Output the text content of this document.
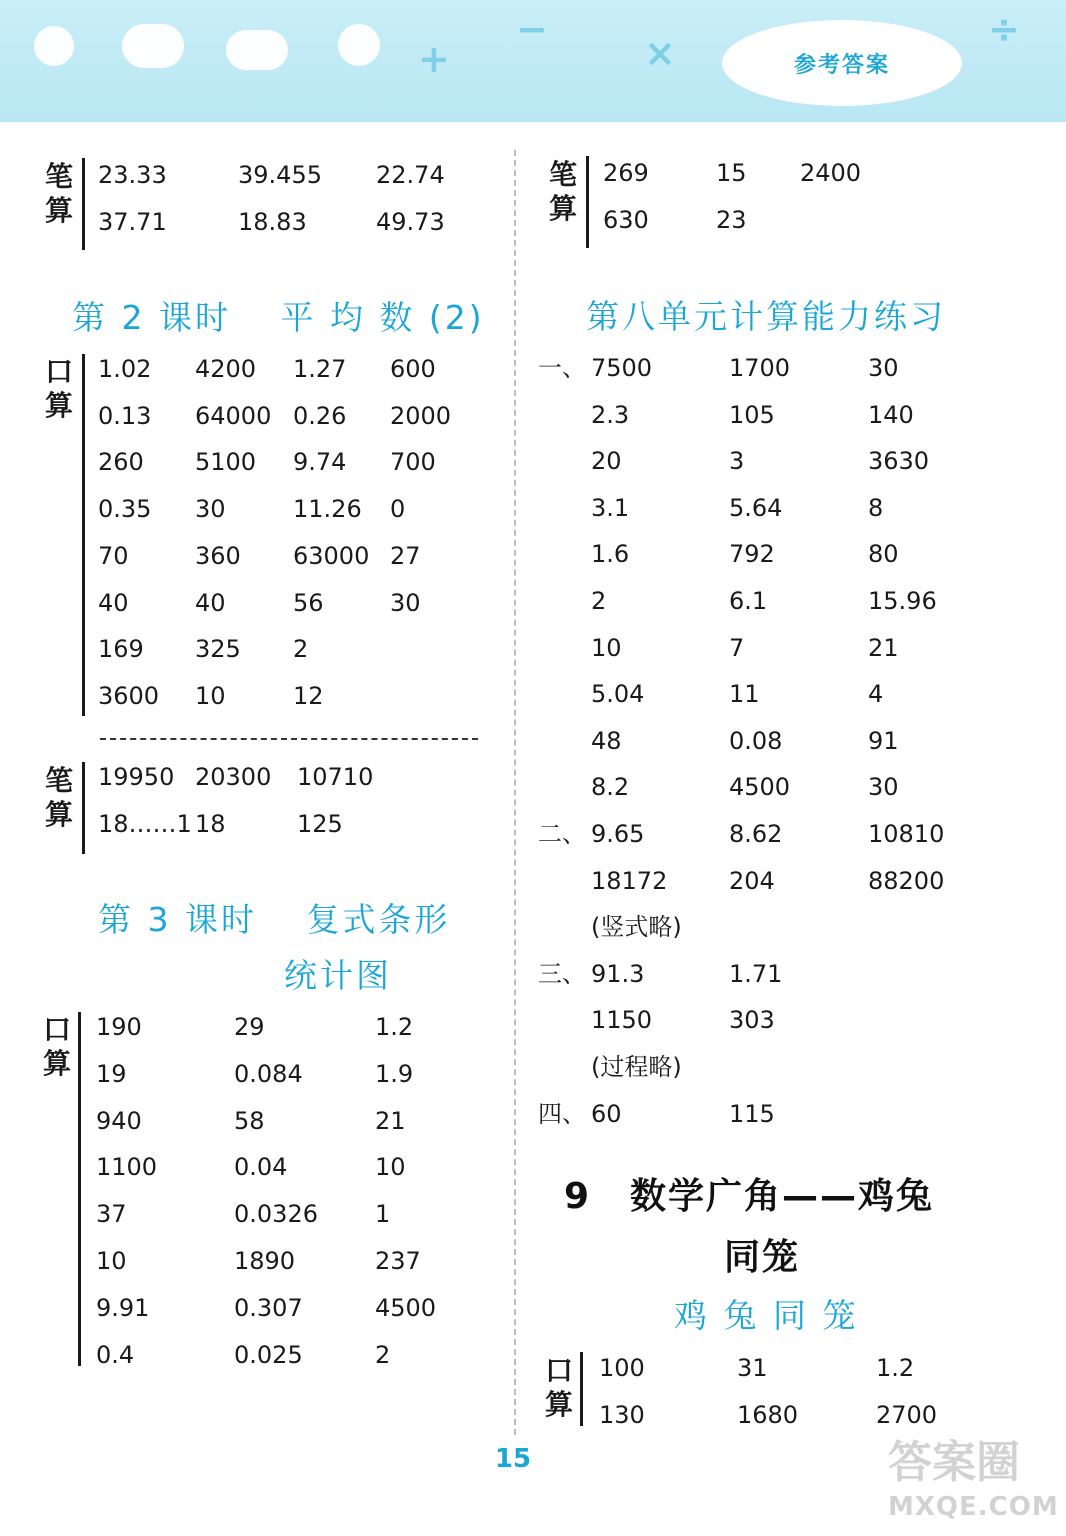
+
−
×
÷
参考答案
笔
算
23.33	39.455 22.74
37.71	18.83	49.73
第 2 课时　 平 均 数 (2)
口
算
1.02 4200 1.27 600
0.13 64000 0.26 2000
260 5100 9.74 700
0.35 30	11.26 0
70	360 63000 27
40	40	56	30
169 325 2
3600 10	12
笔
算
19950 20300 10710
18……1 18	125
第 3 课时　 复式条形
统计图
口
算
190	29	1.2
19	0.084	1.9
940	58	21
1100	0.04	10
37	0.0326 1
10	1890	237
9.91	0.307	4500
0.4	0.025	2
笔
算
269	15 2400
630	23
第八单元计算能力练习
一、 7500	1700	30
2.3	105	140
20	3	3630
3.1	5.64	8
1.6	792	80
2	6.1	15.96
10	7	21
5.04	11	4
48	0.08	91
8.2	4500	30
二、 9.65	8.62	10810
18172	204	88200
(竖式略)
三、 91.3	1.71
1150	303
(过程略)
四、 60	115
9 数学广角——鸡兔
同笼
鸡 兔 同 笼
口
算
100	31	1.2
130	1680	2700
15	答案圈
MXQE.COM
